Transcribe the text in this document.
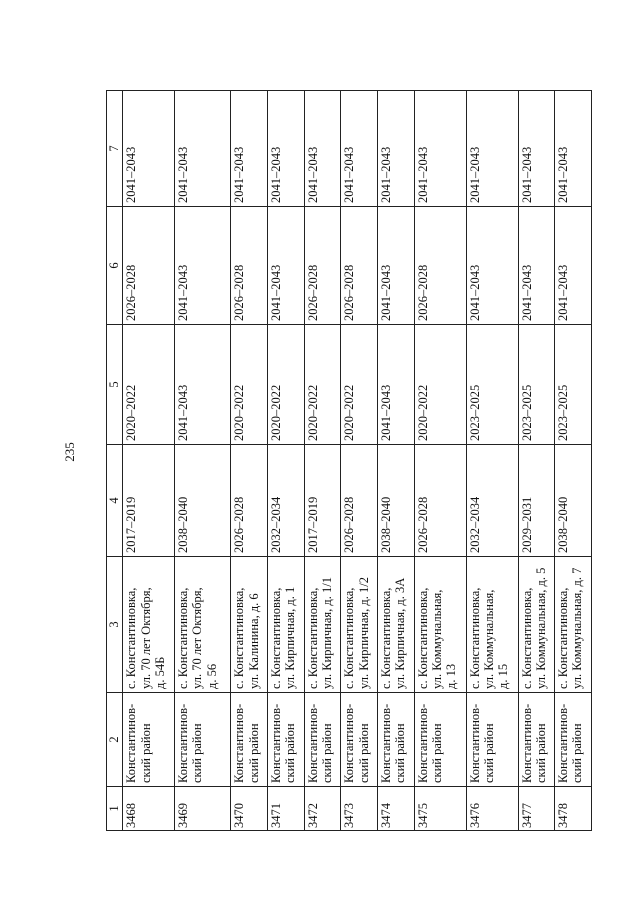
235
1	2	3	4	5	6	7
3468	Константинов-
ский район	с. Константиновка,
ул. 70 лет Октября,
д. 54Б	2017–2019	2020–2022	2026–2028	2041–2043
3469	Константинов-
ский район	с. Константиновка,
ул. 70 лет Октября,
д. 56	2038–2040	2041–2043	2041–2043	2041–2043
3470	Константинов-
ский район	с. Константиновка,
ул. Калинина, д. 6	2026–2028	2020–2022	2026–2028	2041–2043
3471	Константинов-
ский район	с. Константиновка,
ул. Кирпичная, д. 1	2032–2034	2020–2022	2041–2043	2041–2043
3472	Константинов-
ский район	с. Константиновка,
ул. Кирпичная, д. 1/1	2017–2019	2020–2022	2026–2028	2041–2043
3473	Константинов-
ский район	с. Константиновка,
ул. Кирпичная, д. 1/2	2026–2028	2020–2022	2026–2028	2041–2043
3474	Константинов-
ский район	с. Константиновка,
ул. Кирпичная, д. 3А	2038–2040	2041–2043	2041–2043	2041–2043
3475	Константинов-
ский район	с. Константиновка,
ул. Коммунальная,
д. 13	2026–2028	2020–2022	2026–2028	2041–2043
3476	Константинов-
ский район	с. Константиновка,
ул. Коммунальная,
д. 15	2032–2034	2023–2025	2041–2043	2041–2043
3477	Константинов-
ский район	с. Константиновка,
ул. Коммунальная, д. 5	2029–2031	2023–2025	2041–2043	2041–2043
3478	Константинов-
ский район	с. Константиновка,
ул. Коммунальная, д. 7	2038–2040	2023–2025	2041–2043	2041–2043
